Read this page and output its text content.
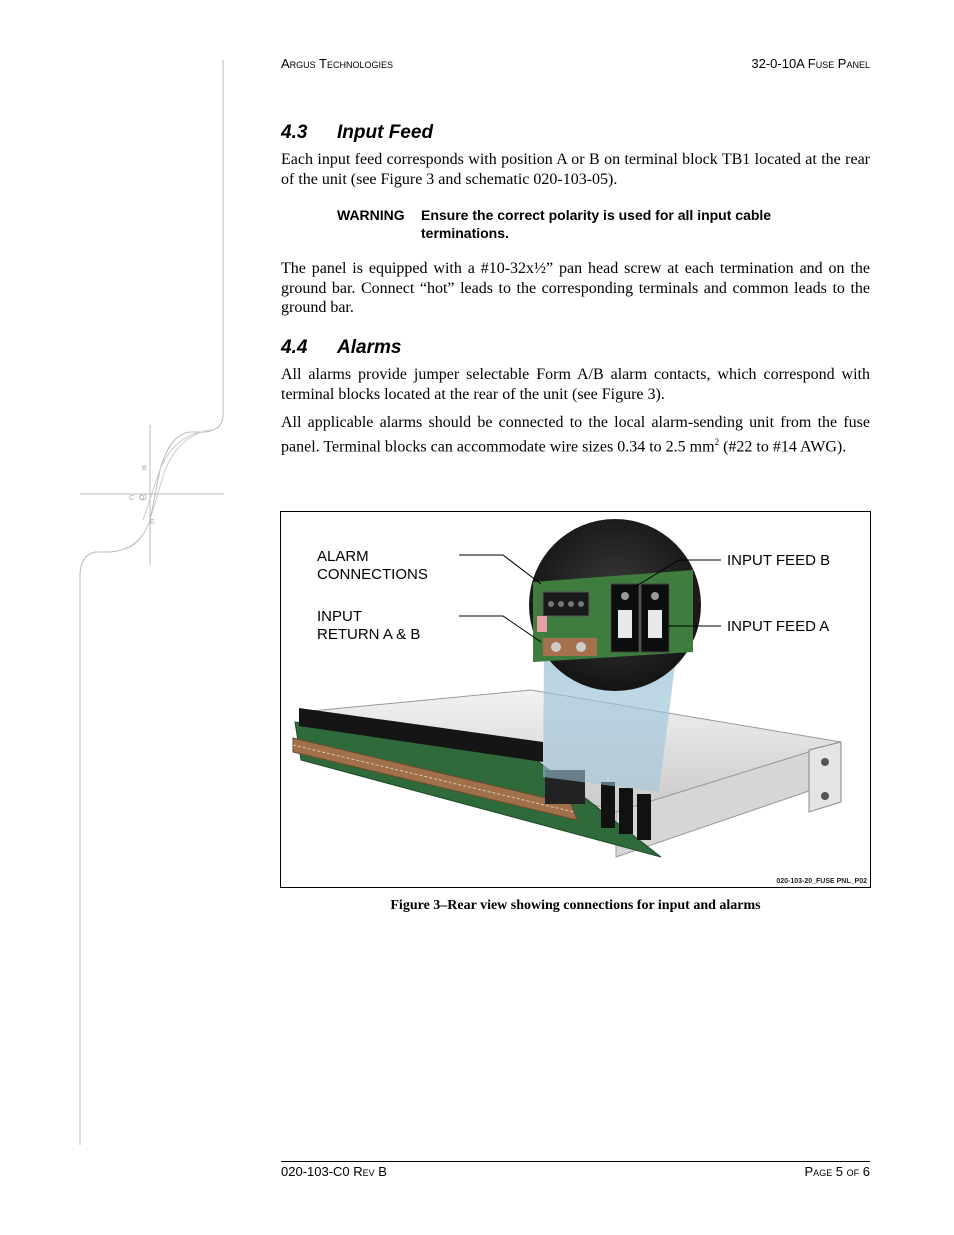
B
C O
E
Argus Technologies	32-0-10A Fuse Panel
4.3 Input Feed

Each input feed corresponds with position A or B on terminal block TB1 located at the rear of the unit (see Figure 3 and schematic 020-103-05).

WARNING Ensure the correct polarity is used for all input cable terminations.

The panel is equipped with a #10-32x½” pan head screw at each termination and on the ground bar. Connect “hot” leads to the corresponding terminals and common leads to the ground bar.

4.4 Alarms

All alarms provide jumper selectable Form A/B alarm contacts, which correspond with terminal blocks located at the rear of the unit (see Figure 3).

All applicable alarms should be connected to the local alarm-sending unit from the fuse panel. Terminal blocks can accommodate wire sizes 0.34 to 2.5 $mm^2$ (#22 to #14 AWG).

ALARM
CONNECTIONS
INPUT
RETURN A & B
INPUT FEED B
INPUT FEED A
020-103-20_FUSE PNL_P02
Figure 3–Rear view showing connections for input and alarms
020-103-C0 Rev B	Page 5 of 6
